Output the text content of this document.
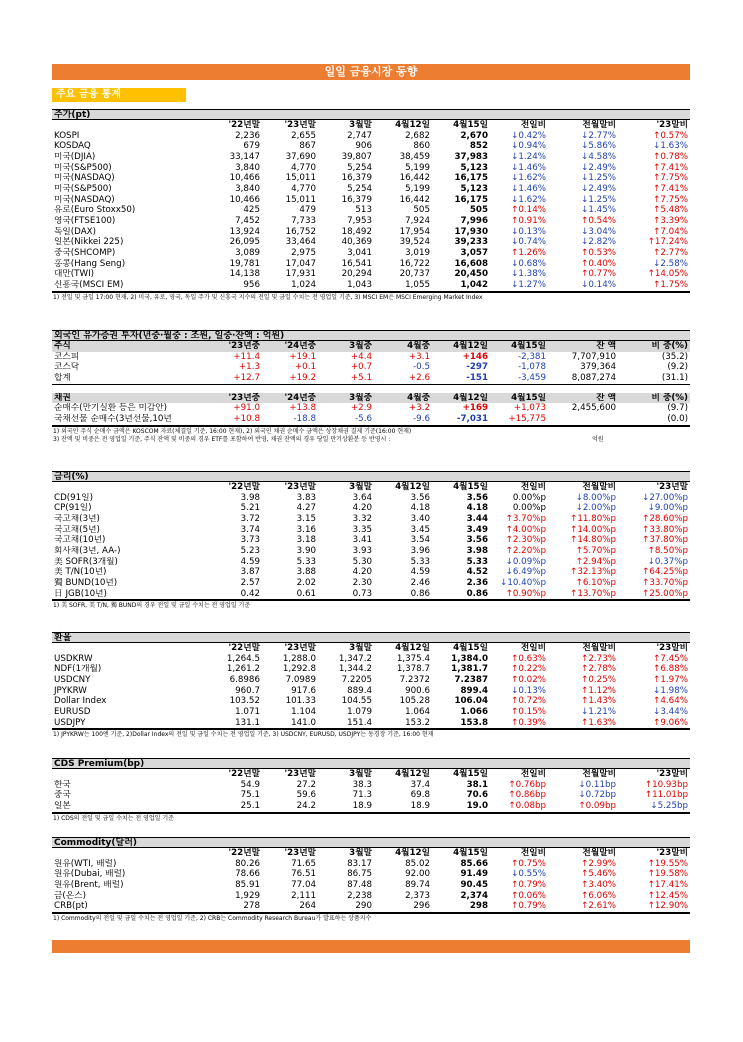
일일 금융시장 동향
주요 금융 통계
주가(pt)
	'22년말	'23년말	3월말	4월12일	4월15일	전일비	전월말비	'23말비
KOSPI	2,236	2,655	2,747	2,682	2,670	↓0.42%	↓2.77%	↑0.57%
KOSDAQ	679	867	906	860	852	↓0.94%	↓5.86%	↓1.63%
미국(DJIA)	33,147	37,690	39,807	38,459	37,983	↓1.24%	↓4.58%	↑0.78%
미국(S&P500)	3,840	4,770	5,254	5,199	5,123	↓1.46%	↓2.49%	↑7.41%
미국(NASDAQ)	10,466	15,011	16,379	16,442	16,175	↓1.62%	↓1.25%	↑7.75%
미국(S&P500)	3,840	4,770	5,254	5,199	5,123	↓1.46%	↓2.49%	↑7.41%
미국(NASDAQ)	10,466	15,011	16,379	16,442	16,175	↓1.62%	↓1.25%	↑7.75%
유로(Euro Stoxx50)	425	479	513	505	505	↑0.14%	↓1.45%	↑5.48%
영국(FTSE100)	7,452	7,733	7,953	7,924	7,996	↑0.91%	↑0.54%	↑3.39%
독일(DAX)	13,924	16,752	18,492	17,954	17,930	↓0.13%	↓3.04%	↑7.04%
일본(Nikkei 225)	26,095	33,464	40,369	39,524	39,233	↓0.74%	↓2.82%	↑17.24%
중국(SHCOMP)	3,089	2,975	3,041	3,019	3,057	↑1.26%	↑0.53%	↑2.77%
홍콩(Hang Seng)	19,781	17,047	16,541	16,722	16,608	↓0.68%	↑0.40%	↓2.58%
대만(TWI)	14,138	17,931	20,294	20,737	20,450	↓1.38%	↑0.77%	↑14.05%
신흥국(MSCI EM)	956	1,024	1,043	1,055	1,042	↓1.27%	↓0.14%	↑1.75%
1) 전일 및 금일 17:00 현재, 2) 미국, 유로, 영국, 독일 주가 및 신흥국 지수의 전일 및 금일 수치는 전 영업일 기준, 3) MSCI EM은 MSCI Emerging Market Index
외국인 유가증권 투자(년중·월중 : 조원, 일중·잔액 : 억원)
주식	'23년중	'24년중	3월중	4월중	4월12일	4월15일	잔 액	비 중(%)
코스피	+11.4	+19.1	+4.4	+3.1	+146	-2,381	7,707,910	(35.2)
코스닥	+1.3	+0.1	+0.7	-0.5	-297	-1,078	379,364	(9.2)
합계	+12.7	+19.2	+5.1	+2.6	-151	-3,459	8,087,274	(31.1)
채권	'23년중	'24년중	3월중	4월중	4월12일	4월15일	잔 액	비 중(%)
순매수(만기실환 등은 미감안)	+91.0	+13.8	+2.9	+3.2	+169	+1,073	2,455,600	(9.7)
국채선물 순매수(3년선물,10년	+10.8	-18.8	-5.6	-9.6	-7,031	+15,775		(0.0)
1) 외국인 주식 순매수 금액은 KOSCOM 자료(체결일 기준, 16:00 현재), 2) 외국인 채권 순매수 금액은 상장채권 결제 기준(16:00 현재)
3) 잔액 및 비중은 전 영업일 기준, 주식 잔액 및 비중의 경우 ETF를 포함하여 반영, 채권 잔액의 경우 당일 만기상환분 등 반영시 :	억원
금리(%)
	'22년말	'23년말	3월말	4월12일	4월15일	전일비	전월말비	'23년말
CD(91일)	3.98	3.83	3.64	3.56	3.56	0.00%p	↓8.00%p	↓27.00%p
CP(91일)	5.21	4.27	4.20	4.18	4.18	0.00%p	↓2.00%p	↓9.00%p
국고채(3년)	3.72	3.15	3.32	3.40	3.44	↑3.70%p	↑11.80%p	↑28.60%p
국고채(5년)	3.74	3.16	3.35	3.45	3.49	↑4.00%p	↑14.00%p	↑33.80%p
국고채(10년)	3.73	3.18	3.41	3.54	3.56	↑2.30%p	↑14.80%p	↑37.80%p
회사채(3년, AA-)	5.23	3.90	3.93	3.96	3.98	↑2.20%p	↑5.70%p	↑8.50%p
美 SOFR(3개월)	4.59	5.33	5.30	5.33	5.33	↓0.09%p	↑2.94%p	↓0.37%p
美 T/N(10년)	3.87	3.88	4.20	4.59	4.52	↓6.49%p	↑32.13%p	↑64.25%p
獨 BUND(10년)	2.57	2.02	2.30	2.46	2.36	↓10.40%p	↑6.10%p	↑33.70%p
日 JGB(10년)	0.42	0.61	0.73	0.86	0.86	↑0.90%p	↑13.70%p	↑25.00%p
1) 美 SOFR, 美 T/N, 獨 BUND의 경우 전일 및 금일 수치는 전 영업일 기준
환율
	'22년말	'23년말	3월말	4월12일	4월15일	전일비	전월말비	'23말비
USDKRW	1,264.5	1,288.0	1,347.2	1,375.4	1,384.0	↑0.63%	↑2.73%	↑7.45%
NDF(1개월)	1,261.2	1,292.8	1,344.2	1,378.7	1,381.7	↑0.22%	↑2.78%	↑6.88%
USDCNY	6.8986	7.0989	7.2205	7.2372	7.2387	↑0.02%	↑0.25%	↑1.97%
JPYKRW	960.7	917.6	889.4	900.6	899.4	↓0.13%	↑1.12%	↓1.98%
Dollar Index	103.52	101.33	104.55	105.28	106.04	↑0.72%	↑1.43%	↑4.64%
EURUSD	1.071	1.104	1.079	1.064	1.066	↑0.15%	↓1.21%	↓3.44%
USDJPY	131.1	141.0	151.4	153.2	153.8	↑0.39%	↑1.63%	↑9.06%
1) JPYKRW는 100엔 기준, 2)Dollar Index의 전일 및 금일 수치는 전 영업일 기준, 3) USDCNY, EURUSD, USDJPY는 동경장 기준, 16:00 현재
CDS Premium(bp)
	'22년말	'23년말	3월말	4월12일	4월15일	전일비	전월말비	'23말비
한국	54.9	27.2	38.3	37.4	38.1	↑0.76bp	↓0.11bp	↑10.93bp
중국	75.1	59.6	71.3	69.8	70.6	↑0.86bp	↓0.72bp	↑11.01bp
일본	25.1	24.2	18.9	18.9	19.0	↑0.08bp	↑0.09bp	↓5.25bp
1) CDS의 전일 및 금일 수치는 전 영업일 기준
Commodity(달러)
	'22년말	'23년말	3월말	4월12일	4월15일	전일비	전월말비	'23말비
원유(WTI, 배럴)	80.26	71.65	83.17	85.02	85.66	↑0.75%	↑2.99%	↑19.55%
원유(Dubai, 배럴)	78.66	76.51	86.75	92.00	91.49	↓0.55%	↑5.46%	↑19.58%
원유(Brent, 배럴)	85.91	77.04	87.48	89.74	90.45	↑0.79%	↑3.40%	↑17.41%
금(온스)	1,929	2,111	2,238	2,373	2,374	↑0.06%	↑6.06%	↑12.45%
CRB(pt)	278	264	290	296	298	↑0.79%	↑2.61%	↑12.90%
1) Commodity의 전일 및 금일 수치는 전 영업일 기준, 2) CRB는 Commodity Research Bureau가 발표하는 상품지수
